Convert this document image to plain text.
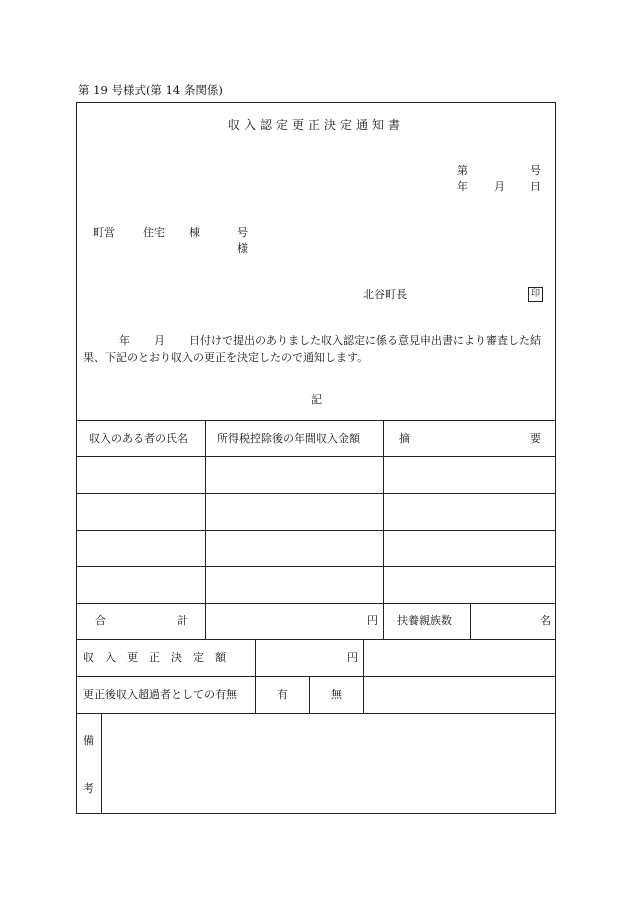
第 19 号様式(第 14 条関係)
収入認定更正決定通知書
第	号
年 月 日
町営	住宅 棟	号
様
北谷町長	印
年 月 日付けで提出のありました収入認定に係る意見申出書により審査した結果、下記のとおり収入の更正を決定したので通知します。
記
収入のある者の氏名	所得税控除後の年間収入金額	摘	要
合	計	円 扶養親族数	名
収入更正決定額	円
更正後収入超過者としての有無	有	無
備
考
